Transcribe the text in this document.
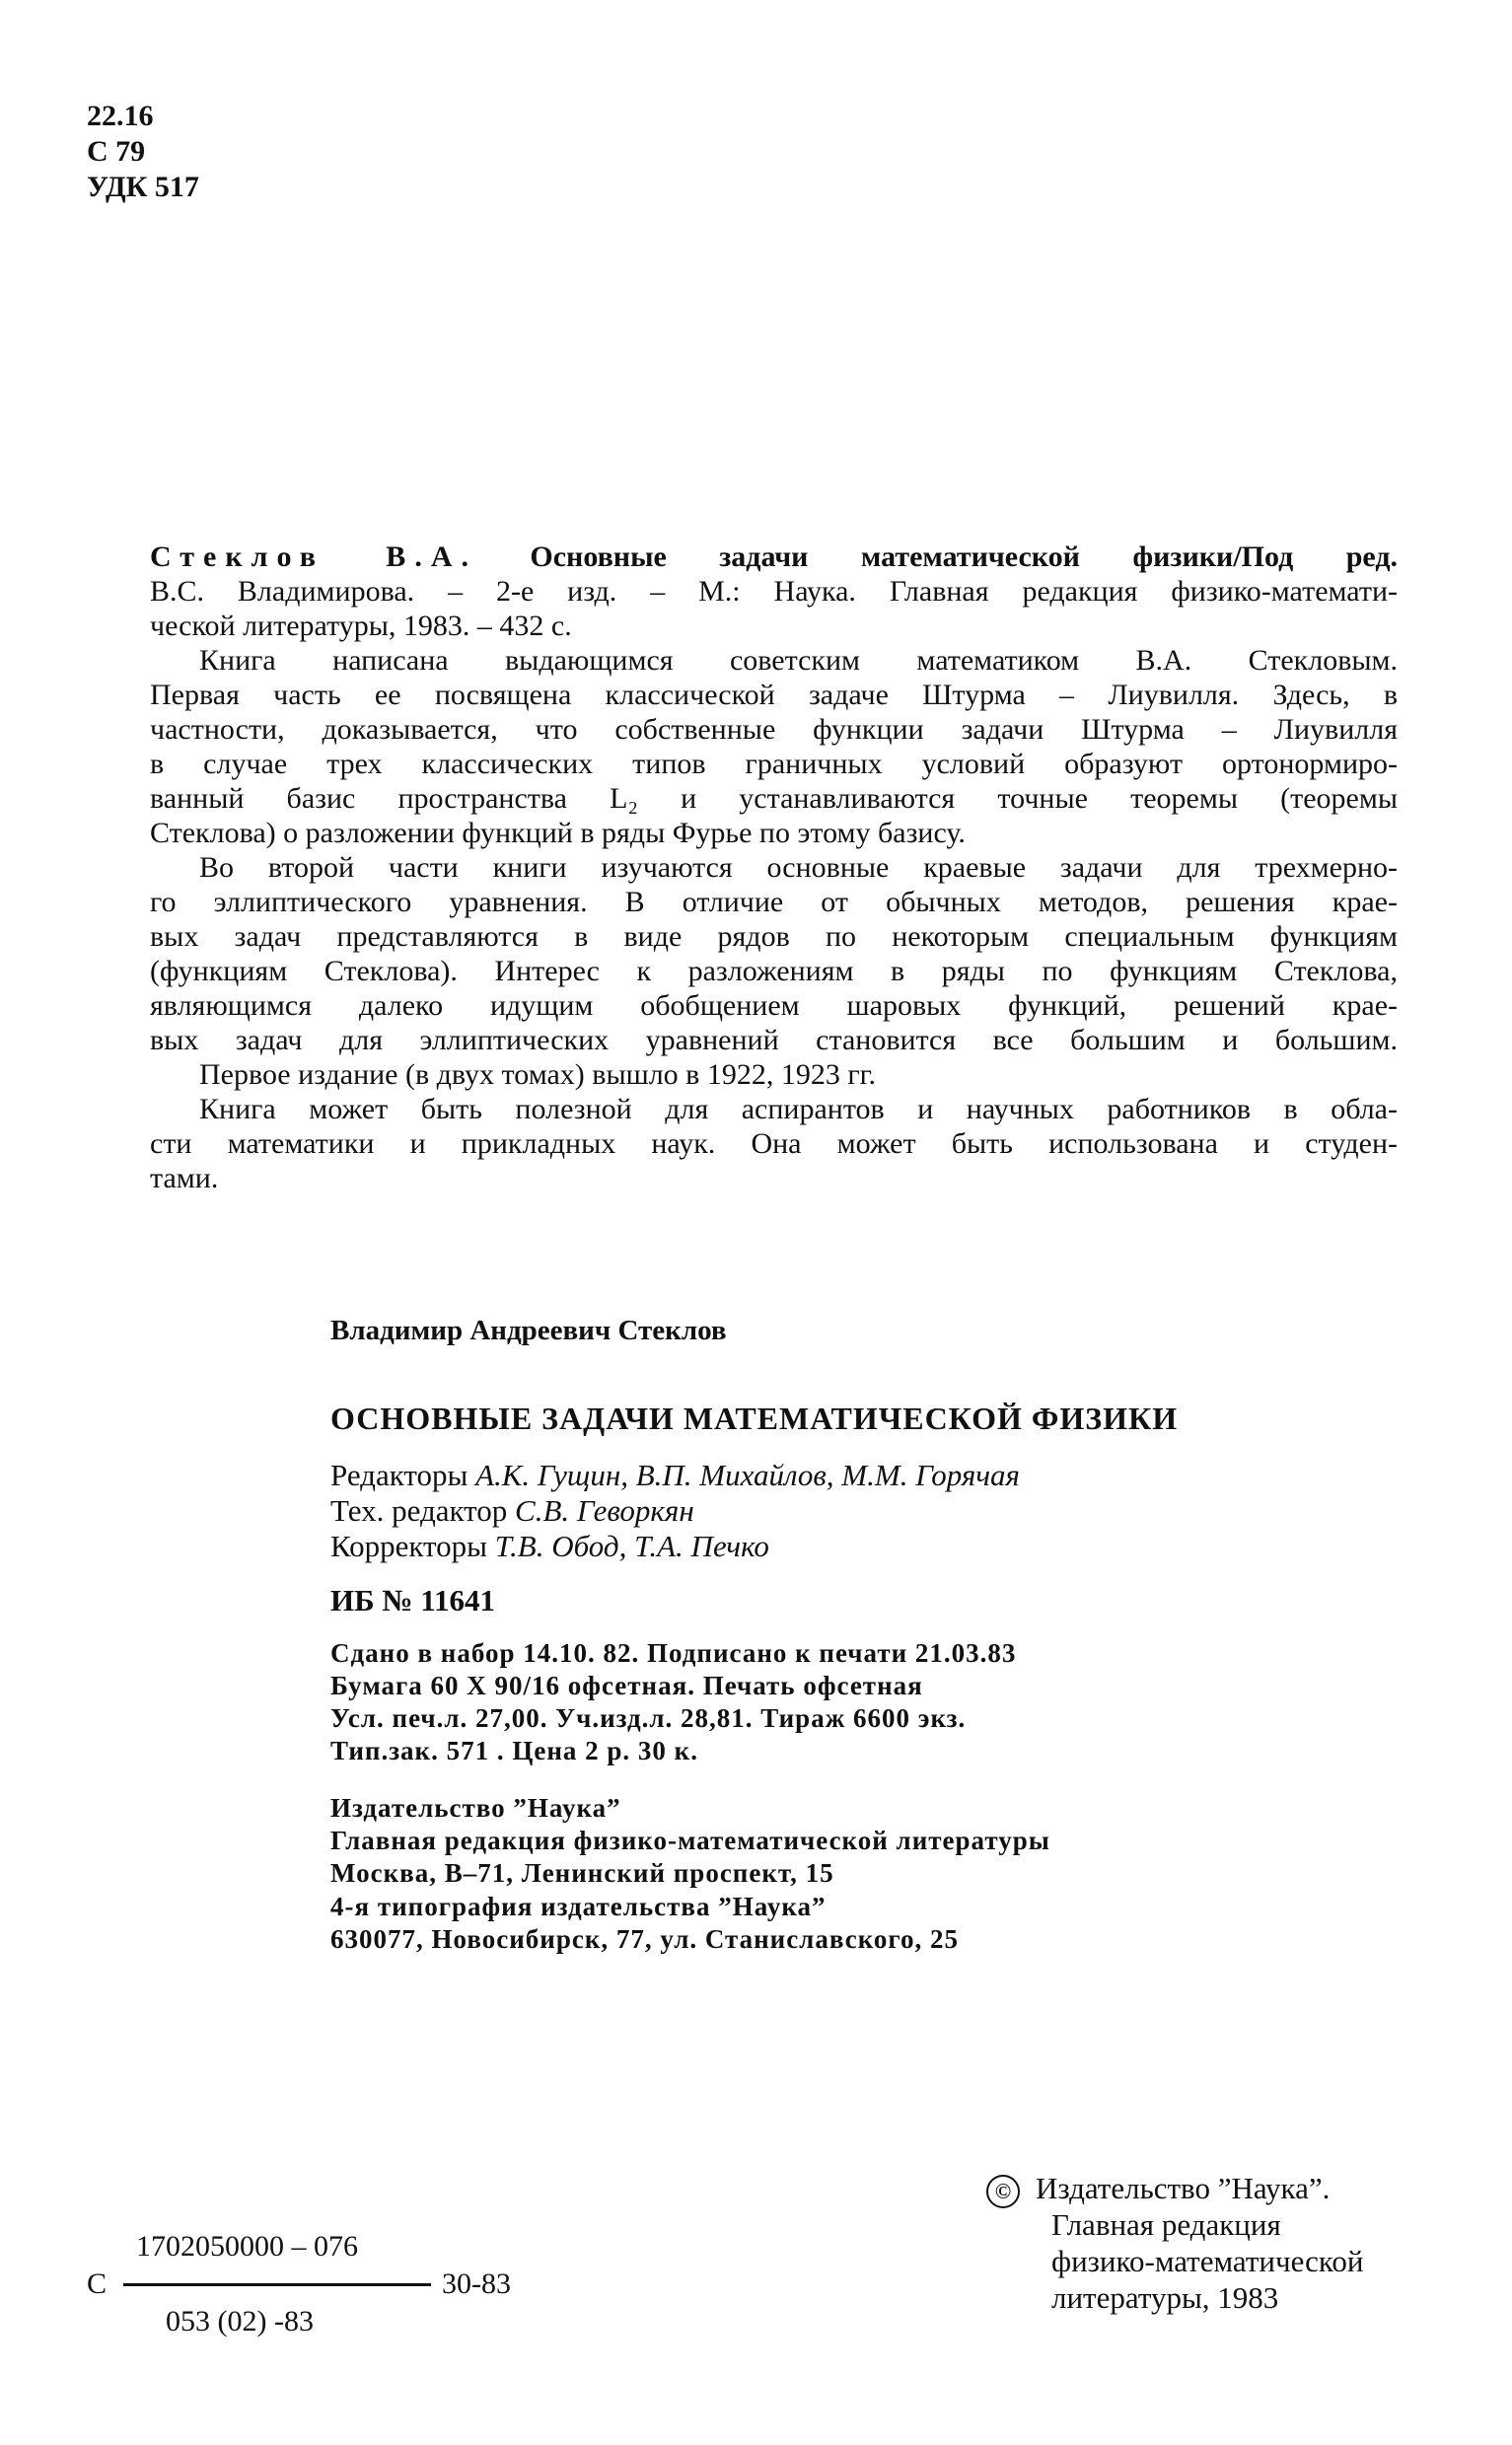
22.16
С 79
УДК 517
Стеклов В.А. Основные задачи математической физики/Под ред.
В.С. Владимирова. – 2-е изд. – М.: Наука. Главная редакция физико-математи-
ческой литературы, 1983. – 432 с.
Книга написана выдающимся советским математиком В.А. Стекловым.
Первая часть ее посвящена классической задаче Штурма – Лиувилля. Здесь, в
частности, доказывается, что собственные функции задачи Штурма – Лиувилля
в случае трех классических типов граничных условий образуют ортонормиро-
ванный базис пространства L₂ и устанавливаются точные теоремы (теоремы
Стеклова) о разложении функций в ряды Фурье по этому базису.
Во второй части книги изучаются основные краевые задачи для трехмерно-
го эллиптического уравнения. В отличие от обычных методов, решения крае-
вых задач представляются в виде рядов по некоторым специальным функциям
(функциям Стеклова). Интерес к разложениям в ряды по функциям Стеклова,
являющимся далеко идущим обобщением шаровых функций, решений крае-
вых задач для эллиптических уравнений становится все большим и большим.
Первое издание (в двух томах) вышло в 1922, 1923 гг.
Книга может быть полезной для аспирантов и научных работников в обла-
сти математики и прикладных наук. Она может быть использована и студен-
тами.
Владимир Андреевич Стеклов
ОСНОВНЫЕ ЗАДАЧИ МАТЕМАТИЧЕСКОЙ ФИЗИКИ
Редакторы А.К. Гущин, В.П. Михайлов, М.М. Горячая
Тех. редактор С.В. Геворкян
Корректоры Т.В. Обод, Т.А. Печко
ИБ № 11641
Сдано в набор 14.10. 82. Подписано к печати 21.03.83
Бумага 60 X 90/16 офсетная. Печать офсетная
Усл. печ.л. 27,00. Уч.изд.л. 28,81. Тираж 6600 экз.
Тип.зак. 571 . Цена 2 р. 30 к.
Издательство ”Наука”
Главная редакция физико-математической литературы
Москва, В–71, Ленинский проспект, 15
4-я типография издательства ”Наука”
630077, Новосибирск, 77, ул. Станиславского, 25
С
1702050000 – 076
30-83
053 (02) -83
© Издательство ”Наука”.
Главная редакция
физико-математической
литературы, 1983
